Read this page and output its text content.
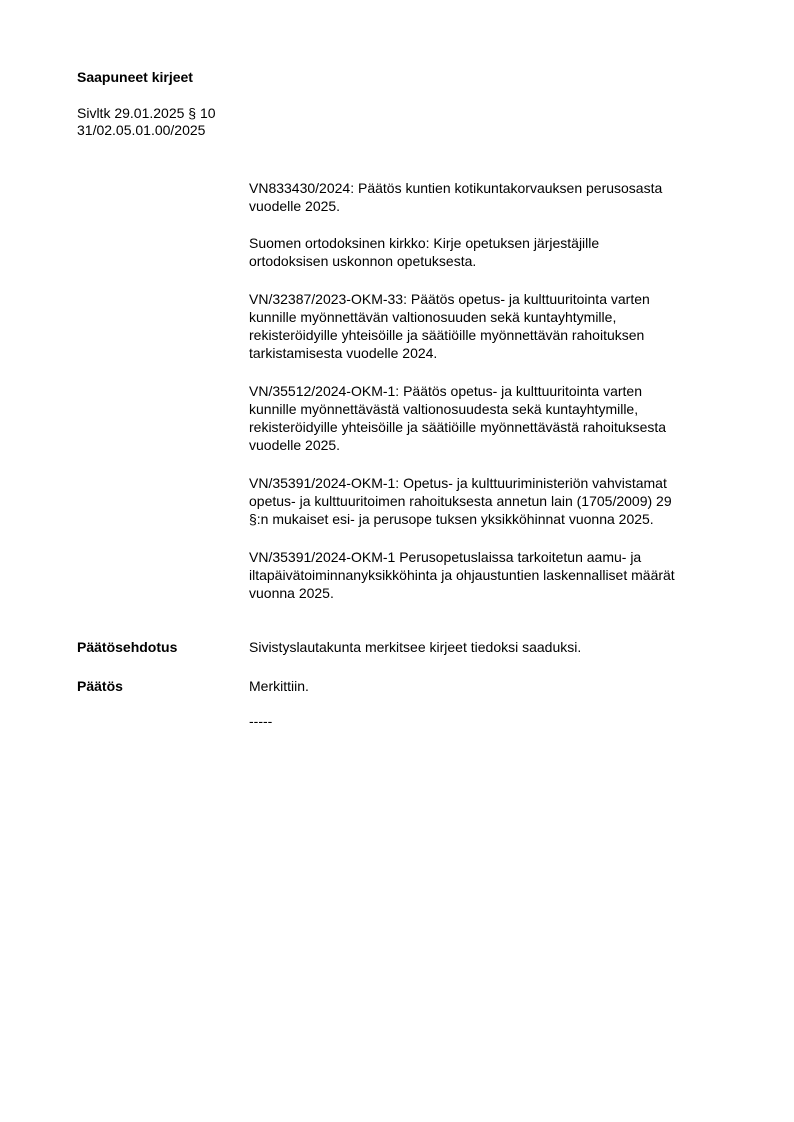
Saapuneet kirjeet
Sivltk 29.01.2025 § 10
31/02.05.01.00/2025
VN833430/2024: Päätös kuntien kotikuntakorvauksen perusosasta
vuodelle 2025.
Suomen ortodoksinen kirkko: Kirje opetuksen järjestäjille
ortodoksisen uskonnon opetuksesta.
VN/32387/2023-OKM-33: Päätös opetus- ja kulttuuritointa varten
kunnille myönnettävän valtionosuuden sekä kuntayhtymille,
rekisteröidyille yhteisöille ja säätiöille myönnettävän rahoituksen
tarkistamisesta vuodelle 2024.
VN/35512/2024-OKM-1: Päätös opetus- ja kulttuuritointa varten
kunnille myönnettävästä valtionosuudesta sekä kuntayhtymille,
rekisteröidyille yhteisöille ja säätiöille myönnettävästä rahoituksesta
vuodelle 2025.
VN/35391/2024-OKM-1: Opetus- ja kulttuuriministeriön vahvistamat
opetus- ja kulttuuritoimen rahoituksesta annetun lain (1705/2009) 29
§:n mukaiset esi- ja perusope tuksen yksikköhinnat vuonna 2025.
VN/35391/2024-OKM-1 Perusopetuslaissa tarkoitetun aamu- ja
iltapäivätoiminnanyksikköhinta ja ohjaustuntien laskennalliset määrät
vuonna 2025.
Päätösehdotus	Sivistyslautakunta merkitsee kirjeet tiedoksi saaduksi.
Päätös	Merkittiin.
-----
